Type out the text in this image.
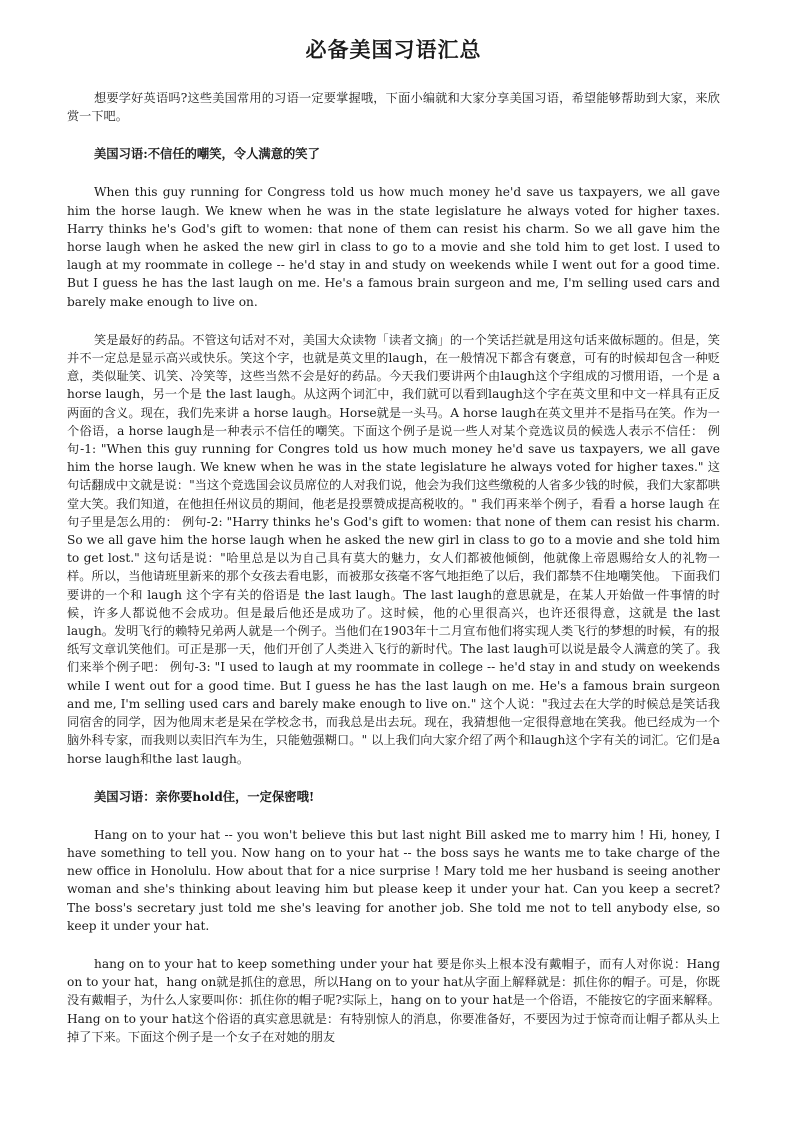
必备美国习语汇总

想要学好英语吗?这些美国常用的习语一定要掌握哦，下面小编就和大家分享美国习语，希望能够帮助到大家，来欣赏一下吧。

美国习语:不信任的嘲笑，令人满意的笑了

When this guy running for Congress told us how much money he'd save us taxpayers, we all gave him the horse laugh. We knew when he was in the state legislature he always voted for higher taxes. Harry thinks he's God's gift to women: that none of them can resist his charm. So we all gave him the horse laugh when he asked the new girl in class to go to a movie and she told him to get lost. I used to laugh at my roommate in college -- he'd stay in and study on weekends while I went out for a good time. But I guess he has the last laugh on me. He's a famous brain surgeon and me, I'm selling used cars and barely make enough to live on.

笑是最好的药品。不管这句话对不对，美国大众读物「读者文摘」的一个笑话拦就是用这句话来做标题的。但是，笑并不一定总是显示高兴或快乐。笑这个字，也就是英文里的laugh，在一般情况下都含有褒意，可有的时候却包含一种贬意，类似耻笑、讥笑、冷笑等，这些当然不会是好的药品。今天我们要讲两个由laugh这个字组成的习惯用语，一个是 a horse laugh，另一个是 the last laugh。从这两个词汇中，我们就可以看到laugh这个字在英文里和中文一样具有正反两面的含义。现在，我们先来讲 a horse laugh。Horse就是一头马。A horse laugh在英文里并不是指马在笑。作为一个俗语，a horse laugh是一种表示不信任的嘲笑。下面这个例子是说一些人对某个竞选议员的候选人表示不信任： 例句-1: "When this guy running for Congres told us how much money he'd save us taxpayers, we all gave him the horse laugh. We knew when he was in the state legislature he always voted for higher taxes." 这句话翻成中文就是说："当这个竞选国会议员席位的人对我们说，他会为我们这些缴税的人省多少钱的时候，我们大家都哄堂大笑。我们知道，在他担任州议员的期间，他老是投票赞成提高税收的。" 我们再来举个例子，看看 a horse laugh 在句子里是怎么用的： 例句-2: "Harry thinks he's God's gift to women: that none of them can resist his charm. So we all gave him the horse laugh when he asked the new girl in class to go to a movie and she told him to get lost." 这句话是说："哈里总是以为自己具有莫大的魅力，女人们都被他倾倒，他就像上帝恩赐给女人的礼物一样。所以，当他请班里新来的那个女孩去看电影，而被那女孩毫不客气地拒绝了以后，我们都禁不住地嘲笑他。 下面我们要讲的一个和 laugh 这个字有关的俗语是 the last laugh。The last laugh的意思就是，在某人开始做一件事情的时候，许多人都说他不会成功。但是最后他还是成功了。这时候，他的心里很高兴，也许还很得意，这就是 the last laugh。发明飞行的赖特兄弟两人就是一个例子。当他们在1903年十二月宣布他们将实现人类飞行的梦想的时候，有的报纸写文章讥笑他们。可正是那一天，他们开创了人类进入飞行的新时代。The last laugh可以说是最令人满意的笑了。我们来举个例子吧： 例句-3: "I used to laugh at my roommate in college -- he'd stay in and study on weekends while I went out for a good time. But I guess he has the last laugh on me. He's a famous brain surgeon and me, I'm selling used cars and barely make enough to live on." 这个人说："我过去在大学的时候总是笑话我同宿舍的同学，因为他周末老是呆在学校念书，而我总是出去玩。现在，我猜想他一定很得意地在笑我。他已经成为一个脑外科专家，而我则以卖旧汽车为生，只能勉强糊口。" 以上我们向大家介绍了两个和laugh这个字有关的词汇。它们是a horse laugh和the last laugh。

美国习语：亲你要hold住，一定保密哦!

Hang on to your hat -- you won't believe this but last night Bill asked me to marry him ! Hi, honey, I have something to tell you. Now hang on to your hat -- the boss says he wants me to take charge of the new office in Honolulu. How about that for a nice surprise ! Mary told me her husband is seeing another woman and she's thinking about leaving him but please keep it under your hat. Can you keep a secret? The boss's secretary just told me she's leaving for another job. She told me not to tell anybody else, so keep it under your hat.

hang on to your hat to keep something under your hat 要是你头上根本没有戴帽子，而有人对你说：Hang on to your hat，hang on就是抓住的意思，所以Hang on to your hat从字面上解释就是：抓住你的帽子。可是，你既没有戴帽子，为什么人家要叫你：抓住你的帽子呢?实际上，hang on to your hat是一个俗语，不能按它的字面来解释。Hang on to your hat这个俗语的真实意思就是：有特别惊人的消息，你要准备好，不要因为过于惊奇而让帽子都从头上掉了下来。下面这个例子是一个女子在对她的朋友
